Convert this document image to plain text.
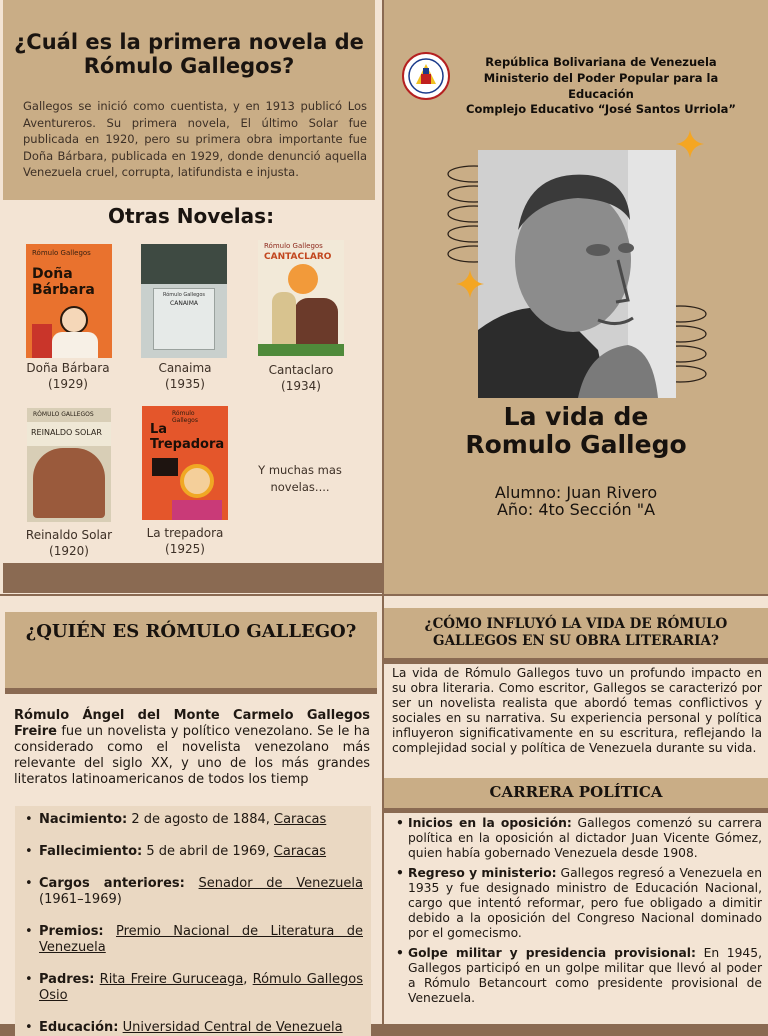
¿Cuál es la primera novela de Rómulo Gallegos?
Gallegos se inició como cuentista, y en 1913 publicó Los Aventureros. Su primera novela, El último Solar fue publicada en 1920, pero su primera obra importante fue Doña Bárbara, publicada en 1929, donde denunció aquella Venezuela cruel, corrupta, latifundista e injusta.
Otras Novelas:
Rómulo Gallegos
Doña Bárbara
Doña Bárbara
(1929)
Rómulo Gallegos
CANAIMA
Canaima
(1935)
Rómulo Gallegos
CANTACLARO
Cantaclaro
(1934)
RÓMULO GALLEGOS
REINALDO SOLAR
Reinaldo Solar
(1920)
Rómulo Gallegos
La Trepadora
La trepadora
(1925)
Y muchas mas novelas....
República Bolivariana de Venezuela
Ministerio del Poder Popular para la
Educación
Complejo Educativo “José Santos Urriola”
La vida de
Romulo Gallego
Alumno: Juan Rivero
Año: 4to Sección "A
¿QUIÉN ES RÓMULO GALLEGO?
Rómulo Ángel del Monte Carmelo Gallegos Freire fue un novelista y político venezolano. Se le ha considerado como el novelista venezolano más relevante del siglo XX, y uno de los más grandes literatos latinoamericanos de todos los tiemp
• Nacimiento: 2 de agosto de 1884, Caracas
• Fallecimiento: 5 de abril de 1969, Caracas
• Cargos anteriores: Senador de Venezuela (1961–1969)
• Premios: Premio Nacional de Literatura de Venezuela
• Padres: Rita Freire Guruceaga, Rómulo Gallegos Osio
• Educación: Universidad Central de Venezuela
¿CÓMO INFLUYÓ LA VIDA DE RÓMULO GALLEGOS EN SU OBRA LITERARIA?
La vida de Rómulo Gallegos tuvo un profundo impacto en su obra literaria. Como escritor, Gallegos se caracterizó por ser un novelista realista que abordó temas conflictivos y sociales en su narrativa. Su experiencia personal y política influyeron significativamente en su escritura, reflejando la complejidad social y política de Venezuela durante su vida.
CARRERA POLÍTICA
• Inicios en la oposición: Gallegos comenzó su carrera política en la oposición al dictador Juan Vicente Gómez, quien había gobernado Venezuela desde 1908.
• Regreso y ministerio: Gallegos regresó a Venezuela en 1935 y fue designado ministro de Educación Nacional, cargo que intentó reformar, pero fue obligado a dimitir debido a la oposición del Congreso Nacional dominado por el gomecismo.
• Golpe militar y presidencia provisional: En 1945, Gallegos participó en un golpe militar que llevó al poder a Rómulo Betancourt como presidente provisional de Venezuela.
